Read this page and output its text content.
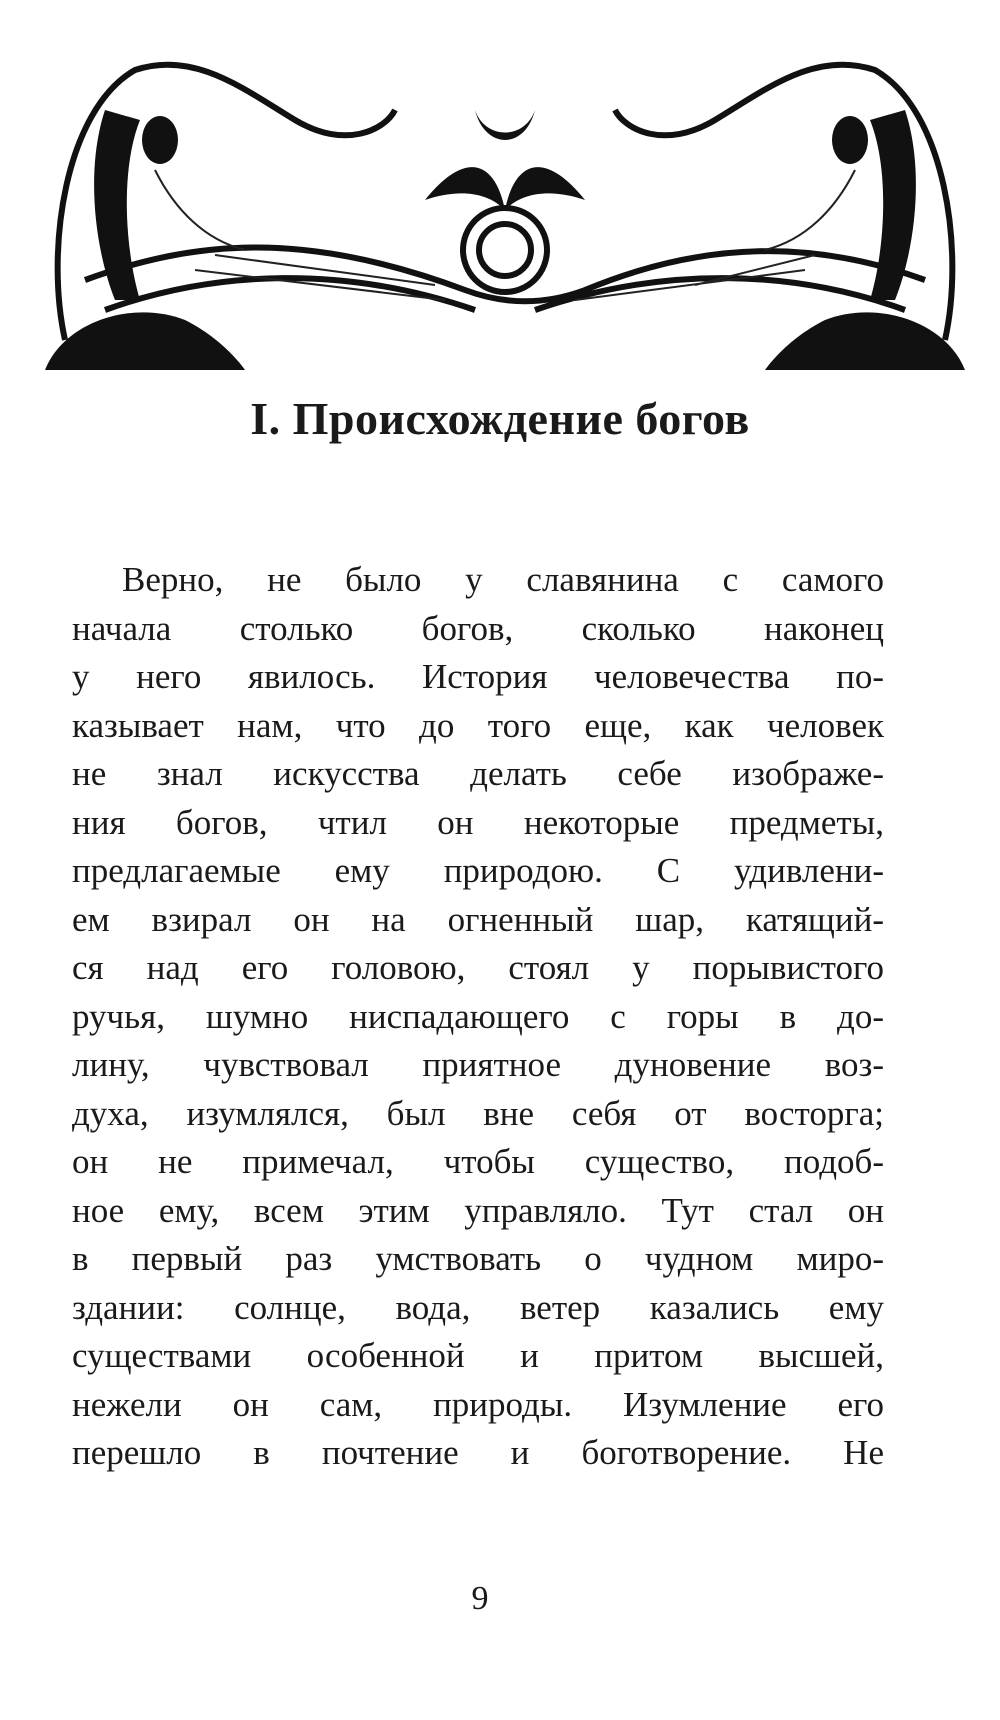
I. Происхождение богов
Верно, не было у славянина с самого
начала столько богов, сколько наконец
у него явилось. История человечества по-
казывает нам, что до того еще, как человек
не знал искусства делать себе изображе-
ния богов, чтил он некоторые предметы,
предлагаемые ему природою. С удивлени-
ем взирал он на огненный шар, катящий-
ся над его головою, стоял у порывистого
ручья, шумно ниспадающего с горы в до-
лину, чувствовал приятное дуновение воз-
духа, изумлялся, был вне себя от восторга;
он не примечал, чтобы существо, подоб-
ное ему, всем этим управляло. Тут стал он
в первый раз умствовать о чудном миро-
здании: солнце, вода, ветер казались ему
существами особенной и притом высшей,
нежели он сам, природы. Изумление его
перешло в почтение и боготворение. Не
9
